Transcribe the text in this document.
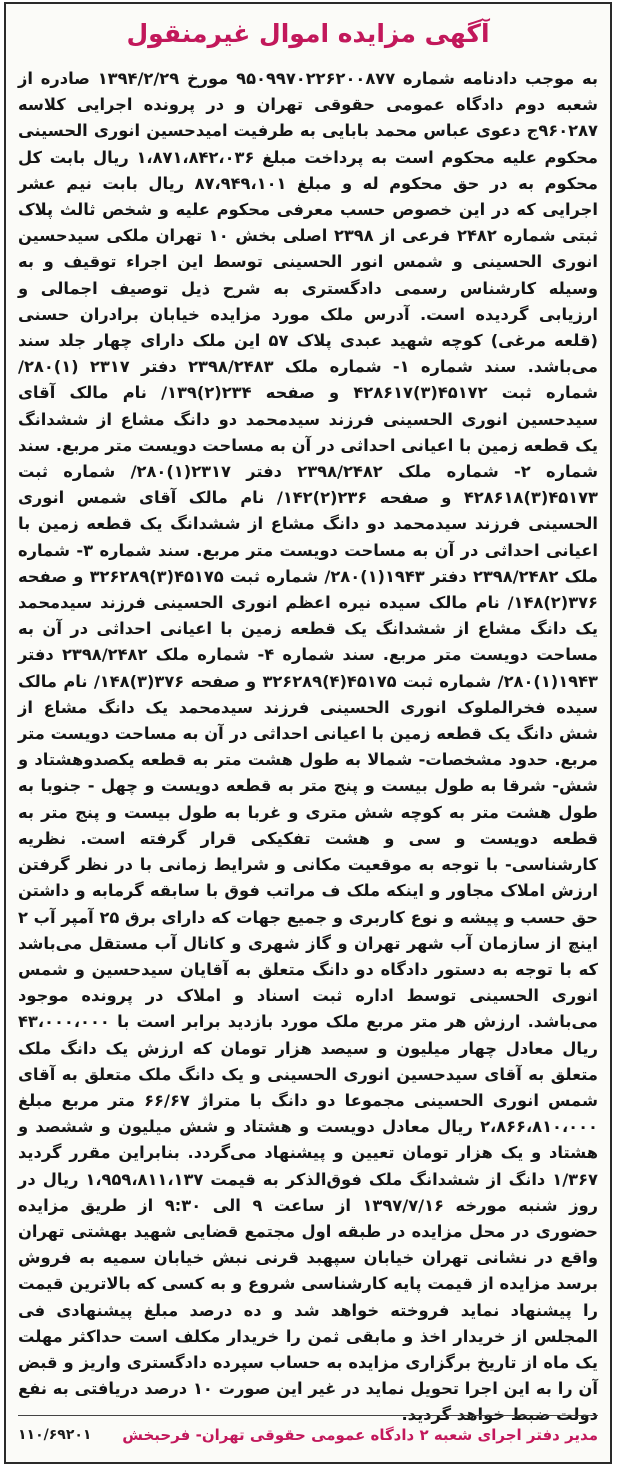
آگهی مزایده اموال غیرمنقول

به موجب دادنامه شماره ۹۵۰۹۹۷۰۲۲۶۲۰۰۸۷۷ مورخ ۱۳۹۴/۲/۲۹ صادره از شعبه دوم دادگاه عمومی حقوقی تهران و در پرونده اجرایی کلاسه ۹۶۰۲۸۷ج دعوی عباس محمد بابایی به طرفیت امیدحسین انوری الحسینی محکوم علیه محکوم است به پرداخت مبلغ ۱،۸۷۱،۸۴۲،۰۳۶ ریال بابت کل محکوم به در حق محکوم له و مبلغ ۸۷،۹۴۹،۱۰۱ ریال بابت نیم عشر اجرایی که در این خصوص حسب معرفی محکوم علیه و شخص ثالث پلاک ثبتی شماره ۲۴۸۲ فرعی از ۲۳۹۸ اصلی بخش ۱۰ تهران ملکی سیدحسین انوری الحسینی و شمس انور الحسینی توسط این اجراء توقیف و به وسیله کارشناس رسمی دادگستری به شرح ذیل توصیف اجمالی و ارزیابی گردیده است. آدرس ملک مورد مزایده خیابان برادران حسنی (قلعه مرغی) کوچه شهید عبدی پلاک ۵۷ این ملک دارای چهار جلد سند می‌باشد. سند شماره ۱- شماره ملک ۲۳۹۸/۲۴۸۳ دفتر ۲۳۱۷ (۱)۲۸۰/ شماره ثبت ۴۵۱۷۲(۳)۴۲۸۶۱۷ و صفحه ۲۳۴(۲)۱۳۹/ نام مالک آقای سیدحسین انوری الحسینی فرزند سیدمحمد دو دانگ مشاع از ششدانگ یک قطعه زمین با اعیانی احداثی در آن به مساحت دویست متر مربع. سند شماره ۲- شماره ملک ۲۳۹۸/۲۴۸۲ دفتر ۲۳۱۷(۱)۲۸۰/ شماره ثبت ۴۵۱۷۳(۳)۴۲۸۶۱۸ و صفحه ۲۳۶(۲)۱۴۲/ نام مالک آقای شمس انوری الحسینی فرزند سیدمحمد دو دانگ مشاع از ششدانگ یک قطعه زمین با اعیانی احداثی در آن به مساحت دویست متر مربع. سند شماره ۳- شماره ملک ۲۳۹۸/۲۴۸۲ دفتر ۱۹۴۳(۱)۲۸۰/ شماره ثبت ۴۵۱۷۵(۳)۳۲۶۲۸۹ و صفحه ۳۷۶(۲)۱۴۸/ نام مالک سیده نیره اعظم انوری الحسینی فرزند سیدمحمد یک دانگ مشاع از ششدانگ یک قطعه زمین با اعیانی احداثی در آن به مساحت دویست متر مربع. سند شماره ۴- شماره ملک ۲۳۹۸/۲۴۸۲ دفتر ۱۹۴۳(۱)۲۸۰/ شماره ثبت ۴۵۱۷۵(۴)۳۲۶۲۸۹ و صفحه ۳۷۶(۳)۱۴۸/ نام مالک سیده فخرالملوک انوری الحسینی فرزند سیدمحمد یک دانگ مشاع از شش دانگ یک قطعه زمین با اعیانی احداثی در آن به مساحت دویست متر مربع. حدود مشخصات- شمالا به طول هشت متر به قطعه یکصدوهشتاد و شش- شرقا به طول بیست و پنج متر به قطعه دویست و چهل - جنوبا به طول هشت متر به کوچه شش متری و غربا به طول بیست و پنج متر به قطعه دویست و سی و هشت تفکیکی قرار گرفته است. نظریه کارشناسی- با توجه به موقعیت مکانی و شرایط زمانی با در نظر گرفتن ارزش املاک مجاور و اینکه ملک ف مراتب فوق با سابقه گرمابه و داشتن حق حسب و پیشه و نوع کاربری و جمیع جهات که دارای برق ۲۵ آمپر آب ۲ اینچ از سازمان آب شهر تهران و گاز شهری و کانال آب مستقل می‌باشد که با توجه به دستور دادگاه دو دانگ متعلق به آقایان سیدحسین و شمس انوری الحسینی توسط اداره ثبت اسناد و املاک در پرونده موجود می‌باشد. ارزش هر متر مربع ملک مورد بازدید برابر است با ۴۳،۰۰۰،۰۰۰ ریال معادل چهار میلیون و سیصد هزار تومان که ارزش یک دانگ ملک متعلق به آقای سیدحسین انوری الحسینی و یک دانگ ملک متعلق به آقای شمس انوری الحسینی مجموعا دو دانگ با متراژ ۶۶/۶۷ متر مربع مبلغ ۲،۸۶۶،۸۱۰،۰۰۰ ریال معادل دویست و هشتاد و شش میلیون و ششصد و هشتاد و یک هزار تومان تعیین و پیشنهاد می‌گردد. بنابراین مقرر گردید ۱/۳۶۷ دانگ از ششدانگ ملک فوق‌الذکر به قیمت ۱،۹۵۹،۸۱۱،۱۳۷ ریال در روز شنبه مورخه ۱۳۹۷/۷/۱۶ از ساعت ۹ الی ۹:۳۰ از طریق مزایده حضوری در محل مزایده در طبقه اول مجتمع قضایی شهید بهشتی تهران واقع در نشانی تهران خیابان سپهبد قرنی نبش خیابان سمیه به فروش برسد مزایده از قیمت پایه کارشناسی شروع و به کسی که بالاترین قیمت را پیشنهاد نماید فروخته خواهد شد و ده درصد مبلغ پیشنهادی فی المجلس از خریدار اخذ و مابقی ثمن را خریدار مکلف است حداکثر مهلت یک ماه از تاریخ برگزاری مزایده به حساب سپرده دادگستری واریز و قبض آن را به این اجرا تحویل نماید در غیر این صورت ۱۰ درصد دریافتی به نفع دولت ضبط خواهد گردید.

مدیر دفتر اجرای شعبه ۲ دادگاه عمومی حقوقی تهران- فرحبخش
۱۱۰/۶۹۲۰۱
